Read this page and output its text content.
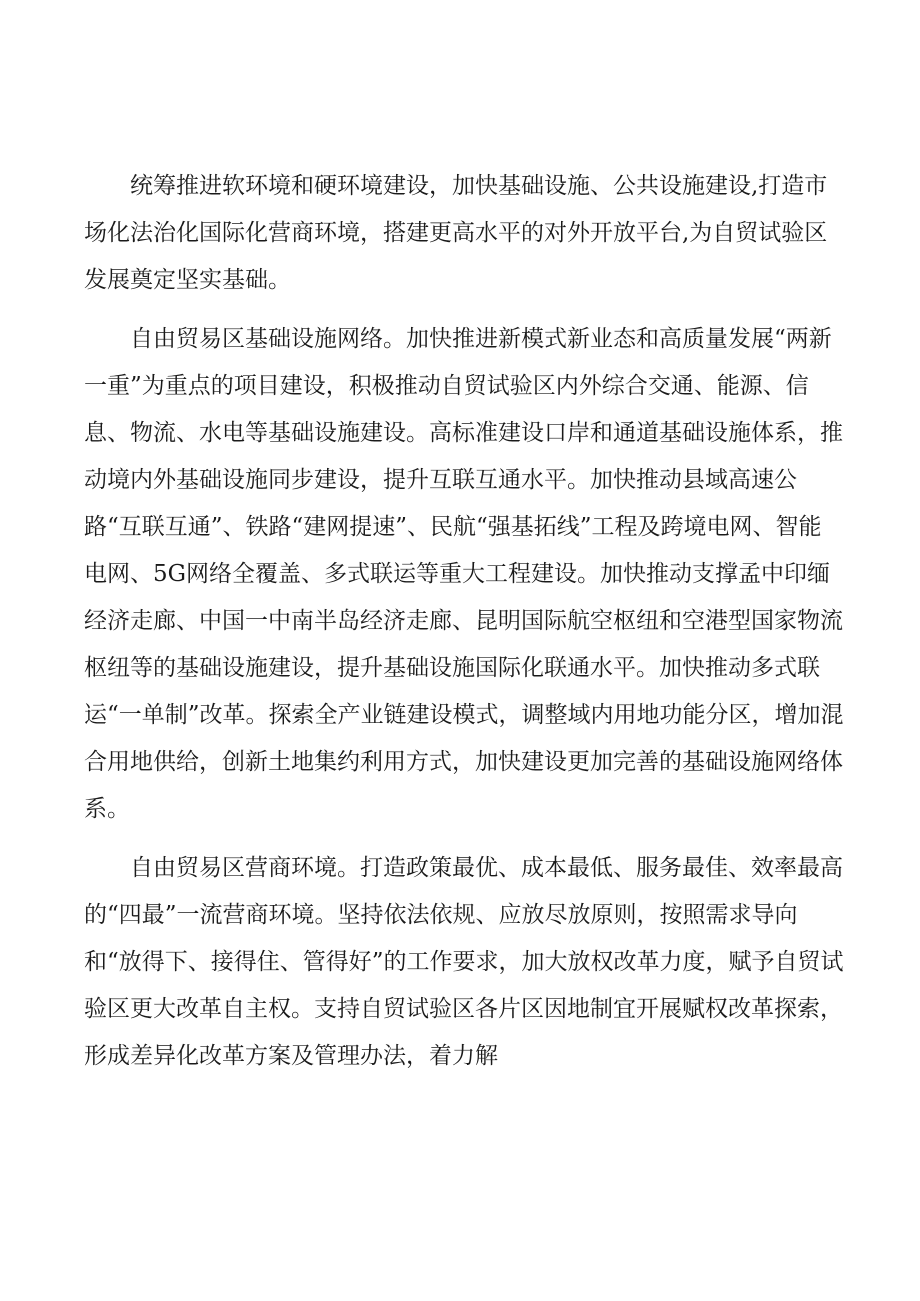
统筹推进软环境和硬环境建设，加快基础设施、公共设施建设,打造市场化法治化国际化营商环境，搭建更高水平的对外开放平台,为自贸试验区发展奠定坚实基础。

自由贸易区基础设施网络。加快推进新模式新业态和高质量发展“两新一重”为重点的项目建设，积极推动自贸试验区内外综合交通、能源、信息、物流、水电等基础设施建设。高标准建设口岸和通道基础设施体系，推动境内外基础设施同步建设，提升互联互通水平。加快推动县域高速公路“互联互通”、铁路“建网提速”、民航“强基拓线”工程及跨境电网、智能电网、5G网络全覆盖、多式联运等重大工程建设。加快推动支撑孟中印缅经济走廊、中国一中南半岛经济走廊、昆明国际航空枢纽和空港型国家物流枢纽等的基础设施建设，提升基础设施国际化联通水平。加快推动多式联运“一单制”改革。探索全产业链建设模式，调整域内用地功能分区，增加混合用地供给，创新土地集约利用方式，加快建设更加完善的基础设施网络体系。

自由贸易区营商环境。打造政策最优、成本最低、服务最佳、效率最高的“四最”一流营商环境。坚持依法依规、应放尽放原则，按照需求导向和“放得下、接得住、管得好”的工作要求，加大放权改革力度，赋予自贸试验区更大改革自主权。支持自贸试验区各片区因地制宜开展赋权改革探索，形成差异化改革方案及管理办法，着力解
